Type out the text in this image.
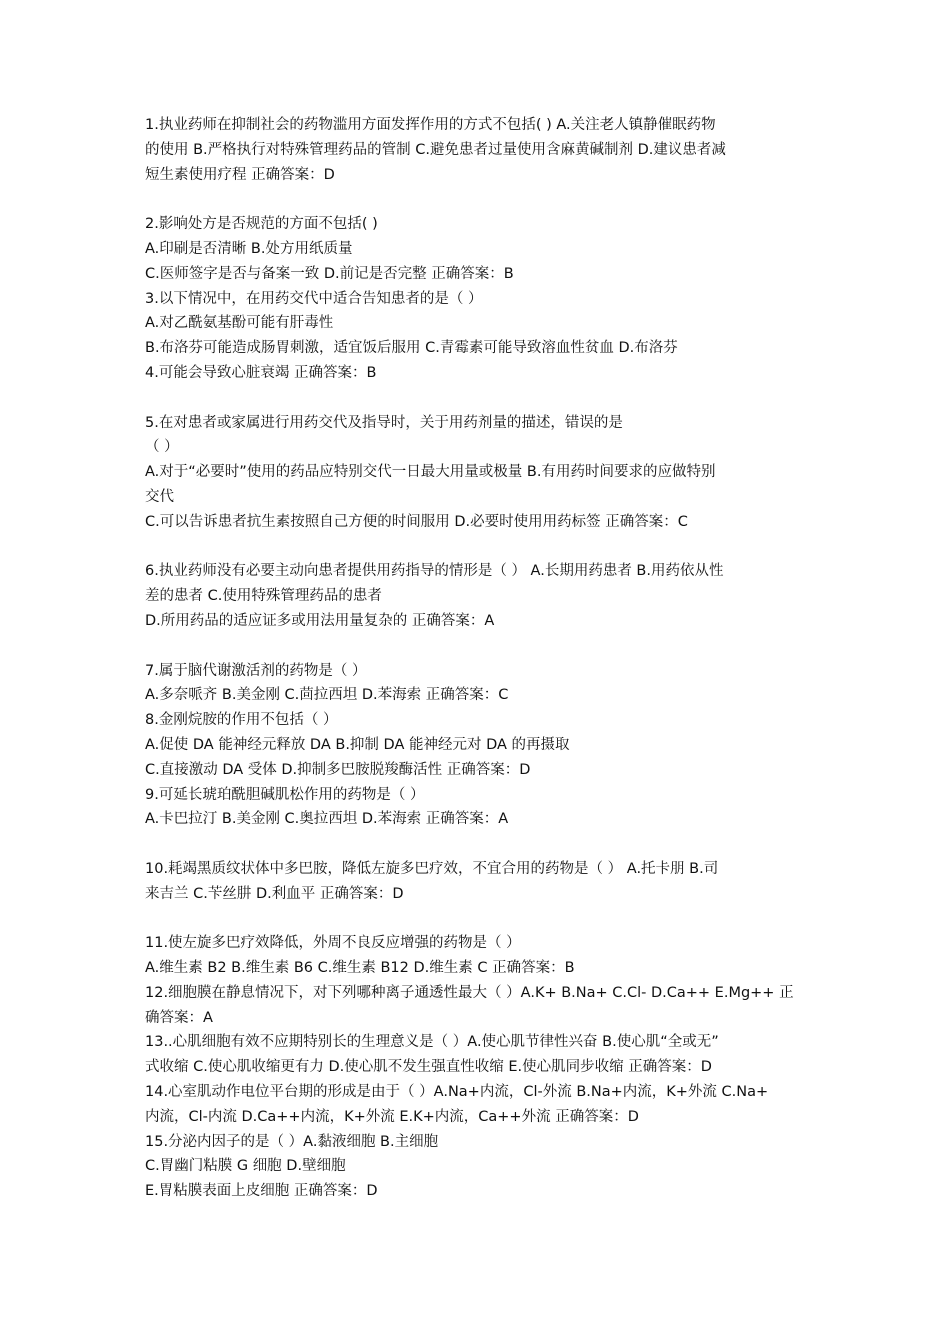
1.执业药师在抑制社会的药物滥用方面发挥作用的方式不包括( ) A.关注老人镇静催眠药物
的使用 B.严格执行对特殊管理药品的管制 C.避免患者过量使用含麻黄碱制剂 D.建议患者减
短生素使用疗程 正确答案：D
2.影响处方是否规范的方面不包括( )
A.印刷是否清晰 B.处方用纸质量
C.医师签字是否与备案一致 D.前记是否完整 正确答案：B
3.以下情况中，在用药交代中适合告知患者的是（ ）
A.对乙酰氨基酚可能有肝毒性
B.布洛芬可能造成肠胃刺激，适宜饭后服用 C.青霉素可能导致溶血性贫血 D.布洛芬
4.可能会导致心脏衰竭 正确答案：B
5.在对患者或家属进行用药交代及指导时，关于用药剂量的描述，错误的是
（ ）
A.对于“必要时”使用的药品应特别交代一日最大用量或极量 B.有用药时间要求的应做特别
交代
C.可以告诉患者抗生素按照自己方便的时间服用 D.必要时使用用药标签 正确答案：C
6.执业药师没有必要主动向患者提供用药指导的情形是（ ） A.长期用药患者 B.用药依从性
差的患者 C.使用特殊管理药品的患者
D.所用药品的适应证多或用法用量复杂的 正确答案：A
7.属于脑代谢激活剂的药物是（ ）
A.多奈哌齐 B.美金刚 C.茴拉西坦 D.苯海索 正确答案：C
8.金刚烷胺的作用不包括（ ）
A.促使 DA 能神经元释放 DA B.抑制 DA 能神经元对 DA 的再摄取
C.直接激动 DA 受体 D.抑制多巴胺脱羧酶活性 正确答案：D
9.可延长琥珀酰胆碱肌松作用的药物是（ ）
A.卡巴拉汀 B.美金刚 C.奥拉西坦 D.苯海索 正确答案：A
10.耗竭黑质纹状体中多巴胺，降低左旋多巴疗效，不宜合用的药物是（ ） A.托卡朋 B.司
来吉兰 C.苄丝肼 D.利血平 正确答案：D
11.使左旋多巴疗效降低，外周不良反应增强的药物是（ ）
A.维生素 B2 B.维生素 B6 C.维生素 B12 D.维生素 C 正确答案：B
12.细胞膜在静息情况下，对下列哪种离子通透性最大（ ）A.K+ B.Na+ C.Cl- D.Ca++ E.Mg++ 正
确答案：A
13..心肌细胞有效不应期特别长的生理意义是（ ）A.使心肌节律性兴奋 B.使心肌“全或无”
式收缩 C.使心肌收缩更有力 D.使心肌不发生强直性收缩 E.使心肌同步收缩 正确答案：D
14.心室肌动作电位平台期的形成是由于（ ）A.Na+内流，Cl-外流 B.Na+内流，K+外流 C.Na+
内流，Cl-内流 D.Ca++内流，K+外流 E.K+内流，Ca++外流 正确答案：D
15.分泌内因子的是（ ）A.黏液细胞 B.主细胞
C.胃幽门粘膜 G 细胞 D.壁细胞
E.胃粘膜表面上皮细胞 正确答案：D
